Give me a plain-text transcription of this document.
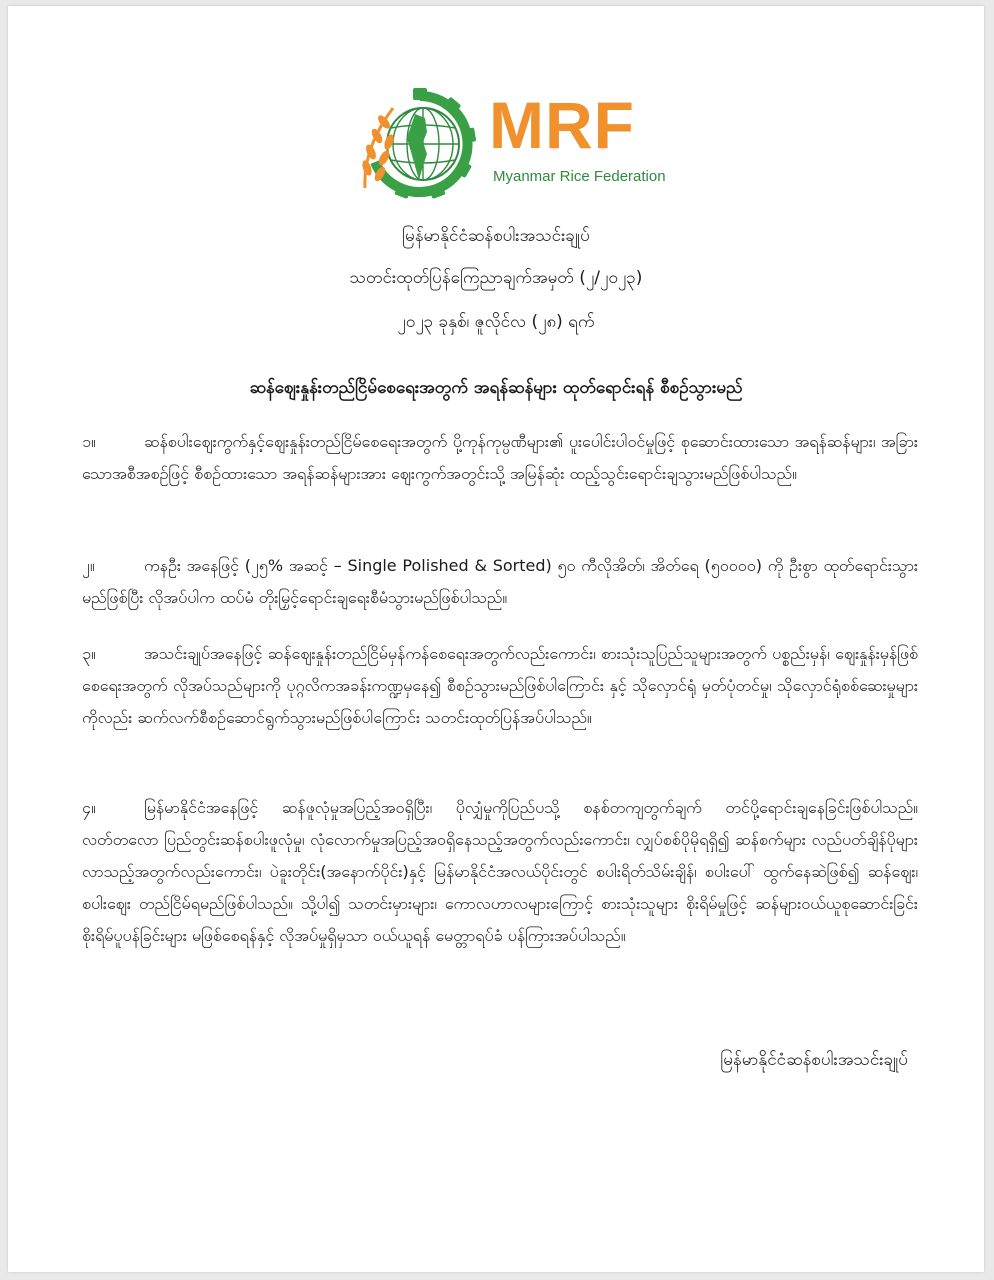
MRF
Myanmar Rice Federation
မြန်မာနိုင်ငံဆန်စပါးအသင်းချုပ်
သတင်းထုတ်ပြန်ကြေညာချက်အမှတ် (၂/၂၀၂၃)
၂၀၂၃ ခုနှစ်၊ ဇူလိုင်လ (၂၈) ရက်
ဆန်ဈေးနှုန်းတည်ငြိမ်စေရေးအတွက် အရန်ဆန်များ ထုတ်ရောင်းရန် စီစဉ်သွားမည်

၁။	ဆန်စပါးဈေးကွက်နှင့်ဈေးနှုန်းတည်ငြိမ်စေရေးအတွက် ပို့ကုန်ကုမ္ပဏီများ၏ ပူးပေါင်းပါဝင်မှုဖြင့် စုဆောင်းထားသော အရန်ဆန်များ၊ အခြားသောအစီအစဉ်ဖြင့် စီစဉ်ထားသော အရန်ဆန်များအား ဈေးကွက်အတွင်းသို့ အမြန်ဆုံး ထည့်သွင်းရောင်းချသွားမည်ဖြစ်ပါသည်။

၂။	ကနဦး အနေဖြင့် (၂၅% အဆင့် – Single Polished & Sorted) ၅၀ ကီလိုအိတ်၊ အိတ်ရေ (၅၀၀၀၀) ကို ဦးစွာ ထုတ်ရောင်းသွားမည်ဖြစ်ပြီး လိုအပ်ပါက ထပ်မံ တိုးမြှင့်ရောင်းချရေးစီမံသွားမည်ဖြစ်ပါသည်။

၃။	အသင်းချုပ်အနေဖြင့် ဆန်ဈေးနှုန်းတည်ငြိမ်မှန်ကန်စေရေးအတွက်လည်းကောင်း၊ စားသုံးသူပြည်သူများအတွက် ပစ္စည်းမှန်၊ ဈေးနှုန်းမှန်ဖြစ်စေရေးအတွက် လိုအပ်သည်များကို ပုဂ္ဂလိကအခန်းကဏ္ဍမှနေ၍ စီစဉ်သွားမည်ဖြစ်ပါကြောင်း နှင့် သိုလှောင်ရုံ မှတ်ပုံတင်မှု၊ သိုလှောင်ရုံစစ်ဆေးမှုများ ကိုလည်း ဆက်လက်စီစဉ်ဆောင်ရွက်သွားမည်ဖြစ်ပါကြောင်း သတင်းထုတ်ပြန်အပ်ပါသည်။

၄။	မြန်မာနိုင်ငံအနေဖြင့် ဆန်ဖူလုံမှုအပြည့်အဝရှိပြီး၊ ပိုလျှံမှုကိုပြည်ပသို့ စနစ်တကျတွက်ချက် တင်ပို့ရောင်းချနေခြင်းဖြစ်ပါသည်။ လတ်တလော ပြည်တွင်းဆန်စပါးဖူလုံမှု၊ လုံလောက်မှုအပြည့်အဝရှိနေသည့်အတွက်လည်းကောင်း၊ လျှပ်စစ်ပိုမိုရရှိ၍ ဆန်စက်များ လည်ပတ်ချိန်ပိုများလာသည့်အတွက်လည်းကောင်း၊ ပဲခူးတိုင်း(အနောက်ပိုင်း)နှင့် မြန်မာနိုင်ငံအလယ်ပိုင်းတွင် စပါးရိတ်သိမ်းချိန်၊ စပါးပေါ် ထွက်နေဆဲဖြစ်၍ ဆန်ဈေး၊ စပါးဈေး တည်ငြိမ်ရမည်ဖြစ်ပါသည်။ သို့ပါ၍ သတင်းမှားများ၊ ကောလဟာလများကြောင့် စားသုံးသူများ စိုးရိမ်မှုဖြင့် ဆန်များဝယ်ယူစုဆောင်းခြင်းစိုးရိမ်ပူပန်ခြင်းများ မဖြစ်စေရန်နှင့် လိုအပ်မှုရှိမှသာ ဝယ်ယူရန် မေတ္တာရပ်ခံ ပန်ကြားအပ်ပါသည်။

မြန်မာနိုင်ငံဆန်စပါးအသင်းချုပ်
